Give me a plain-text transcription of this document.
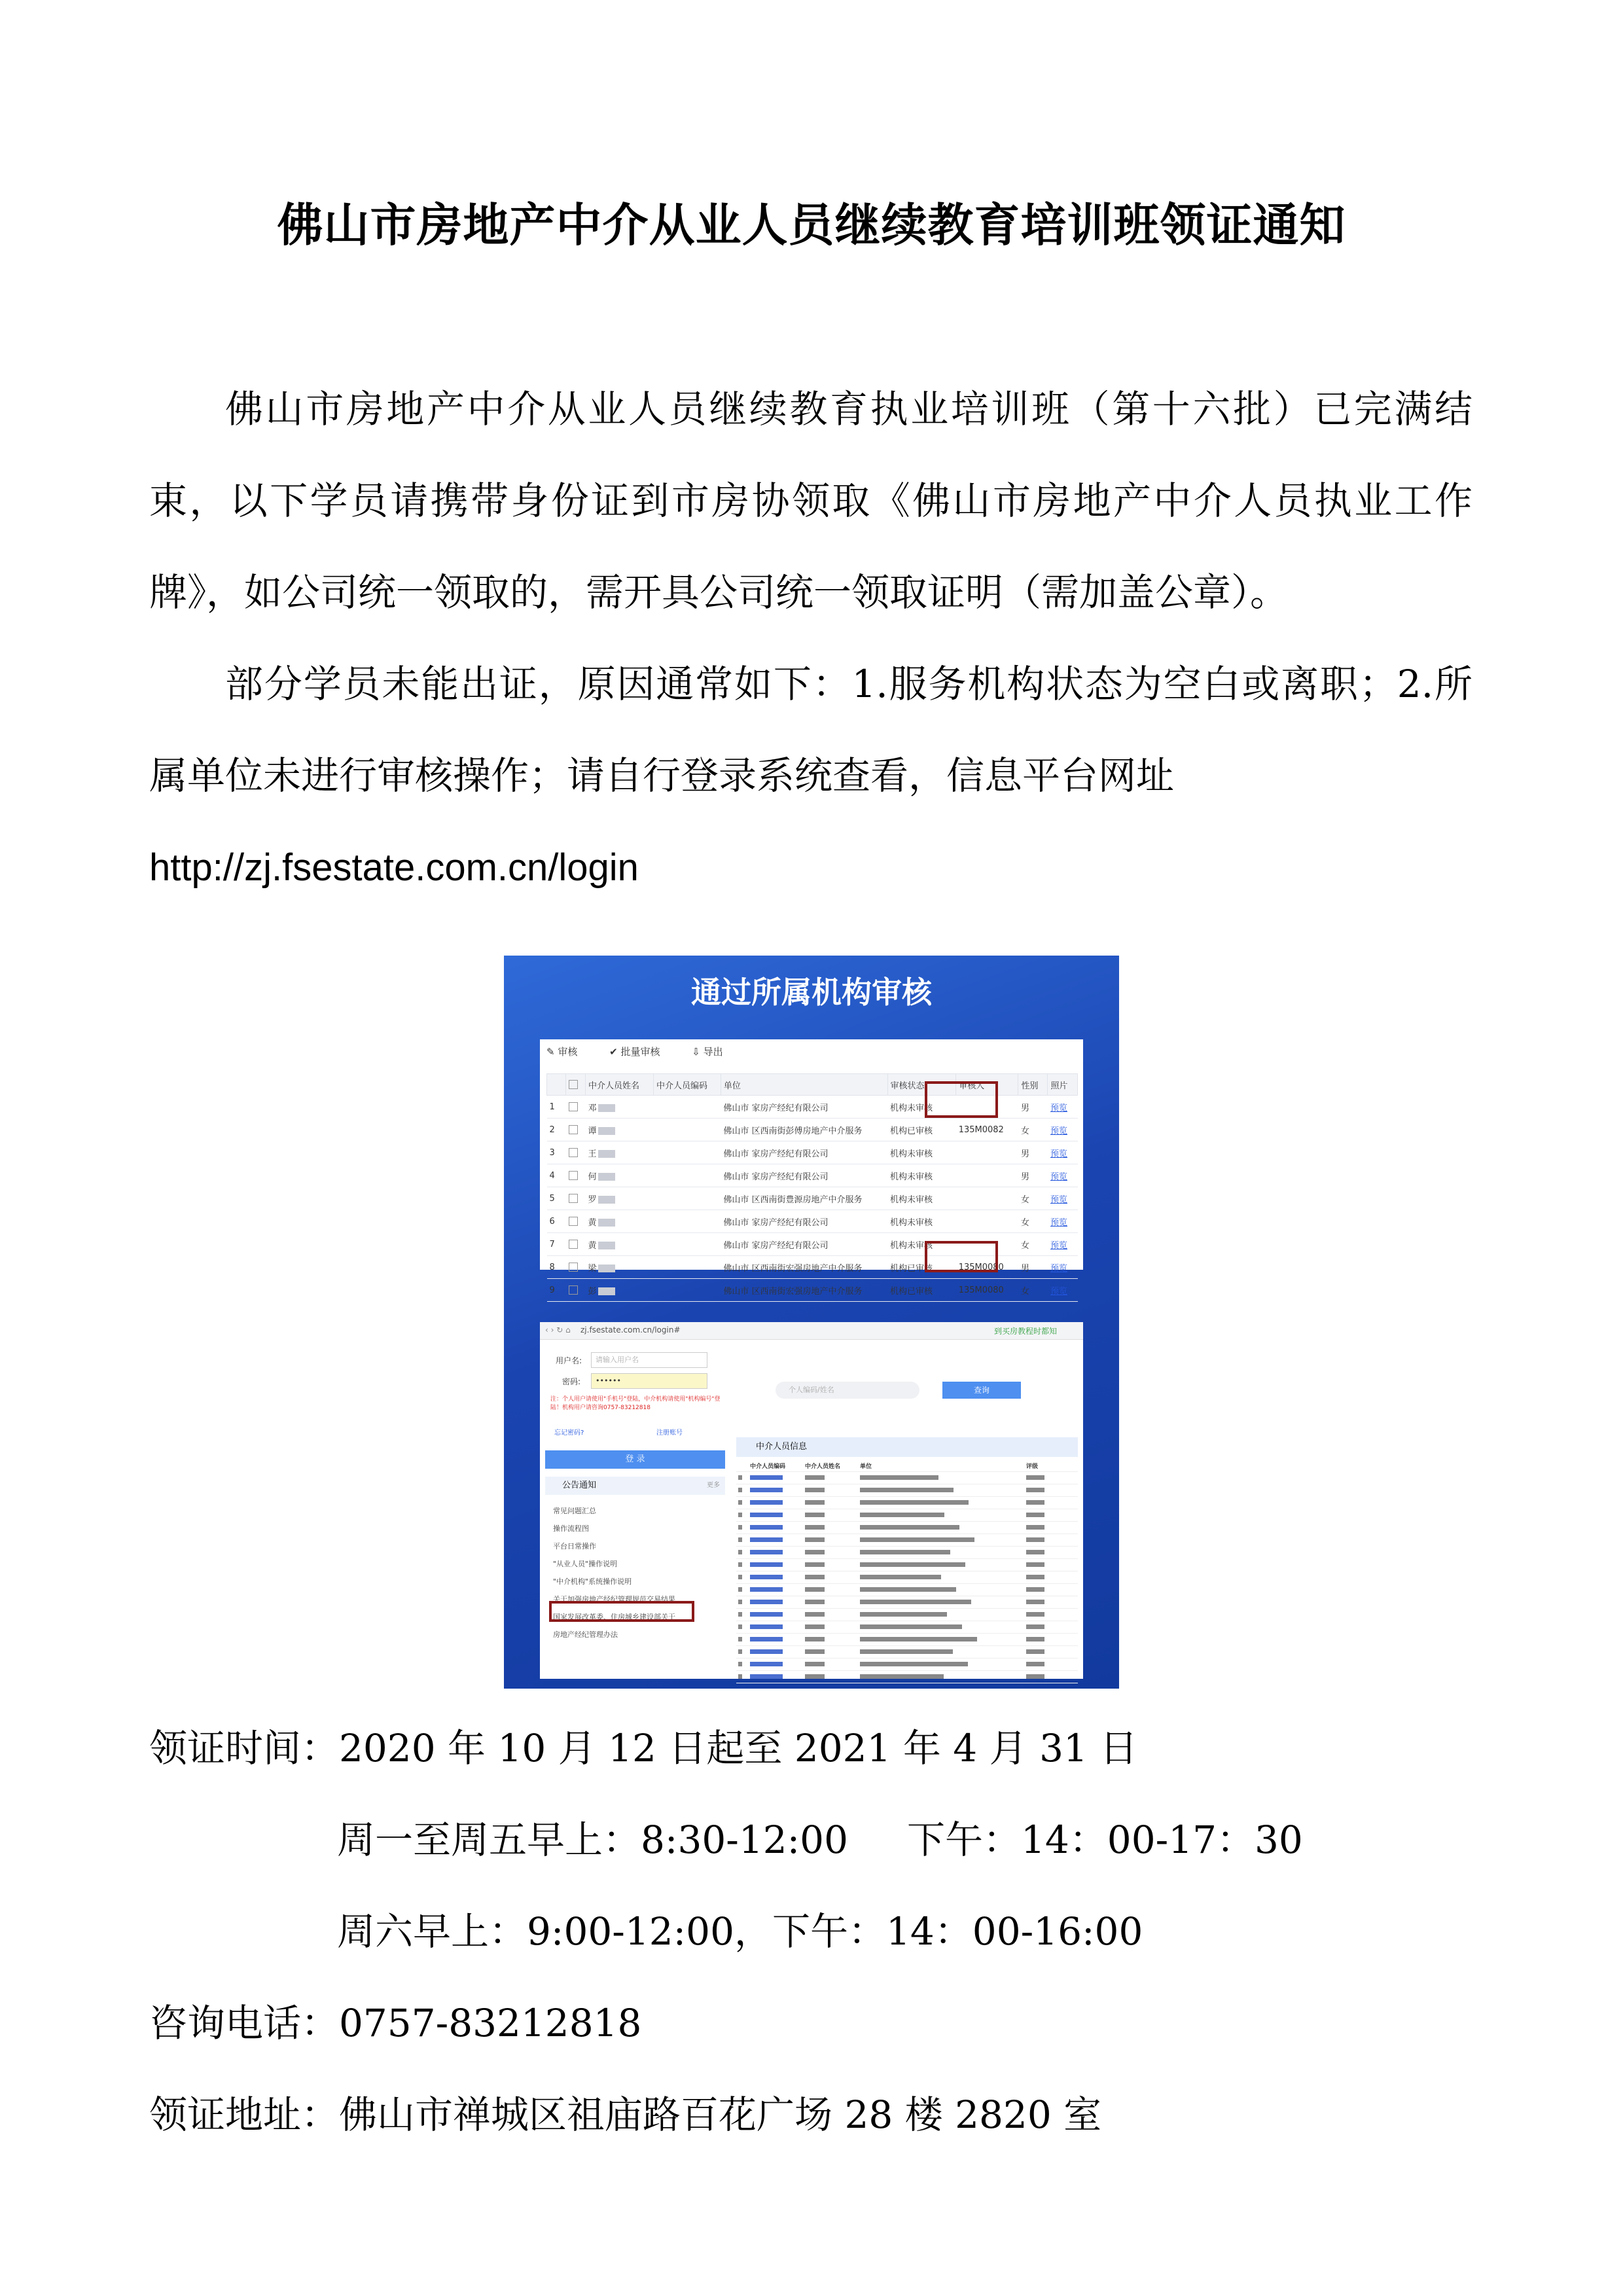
佛山市房地产中介从业人员继续教育培训班领证通知

佛山市房地产中介从业人员继续教育执业培训班（第十六批）已完满结束，以下学员请携带身份证到市房协领取《佛山市房地产中介人员执业工作牌》，如公司统一领取的，需开具公司统一领取证明（需加盖公章）。

部分学员未能出证，原因通常如下：1.服务机构状态为空白或离职；2.所属单位未进行审核操作；请自行登录系统查看，信息平台网址
http://zj.fsestate.com.cn/login

通过所属机构审核
✎ 审核	✔ 批量审核	⇩ 导出
		中介人员姓名	中介人员编码	单位	审核状态	审核人	性别	照片
1		邓		佛山市 家房产经纪有限公司	机构未审核		男	预览
2		谭		佛山市 区西南街彭傅房地产中介服务	机构已审核	135M0082	女	预览
3		王		佛山市 家房产经纪有限公司	机构未审核		男	预览
4		何		佛山市 家房产经纪有限公司	机构未审核		男	预览
5		罗		佛山市 区西南街豊源房地产中介服务	机构未审核		女	预览
6		黄		佛山市 家房产经纪有限公司	机构未审核		女	预览
7		黄		佛山市 家房产经纪有限公司	机构未审核		女	预览
8		梁		佛山市 区西南街宏强房地产中介服务	机构已审核	135M0080	男	预览
9		彭		佛山市 区西南街宏强房地产中介服务	机构已审核	135M0080	女	预览
‹ › ↻ ⌂ zj.fsestate.com.cn/login#	到买房教程时都知
用户名:	请输入用户名
密码:	••••••
注：个人用户请使用"手机号"登陆，中介机构请使用"机构编号"登陆！机构用户请咨询0757-83212818
忘记密码?	注册账号
登 录
公告通知	更多
常见问题汇总
操作流程图
平台日常操作
"从业人员"操作说明
"中介机构"系统操作说明
关于加强房地产经纪管理规范交易结果
国家发展改革委、住房城乡建设部关于
房地产经纪管理办法
个人编码/姓名	查询
中介人员信息
	中介人员编码	中介人员姓名	单位	评级

领证时间：2020 年 10 月 12 日起至 2021 年 4 月 31 日
周一至周五早上：8:30-12:00 下午：14：00-17：30
周六早上：9:00-12:00，下午：14：00-16:00
咨询电话：0757-83212818
领证地址：佛山市禅城区祖庙路百花广场 28 楼 2820 室
